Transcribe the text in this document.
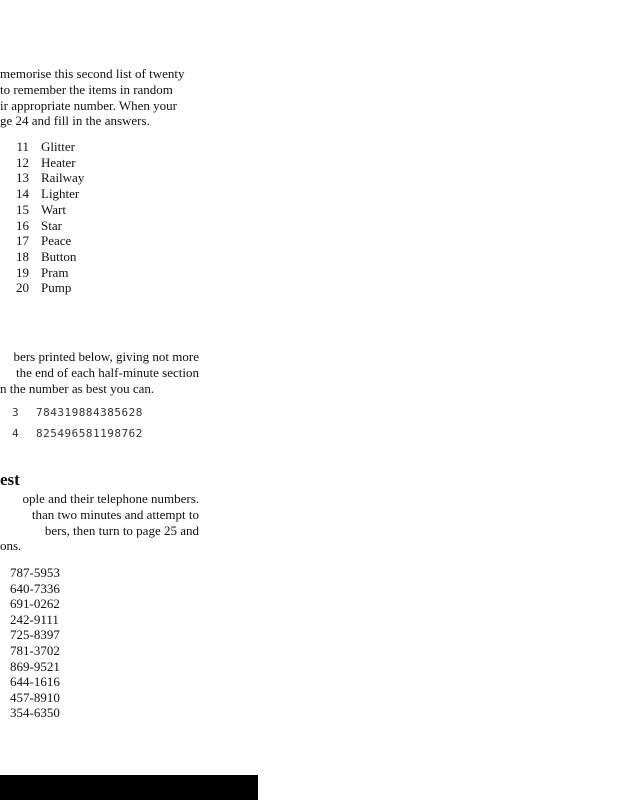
memorise this second list of twenty
to remember the items in random
ir appropriate number. When your
ge 24 and fill in the answers.
11 Glitter
12 Heater
13 Railway
14 Lighter
15 Wart
16 Star
17 Peace
18 Button
19 Pram
20 Pump
bers printed below, giving not more
the end of each half-minute section
n the number as best you can.
3 784319884385628
4 825496581198762
est
ople and their telephone numbers.
than two minutes and attempt to
bers, then turn to page 25 and
ons.
787-5953
640-7336
691-0262
242-9111
725-8397
781-3702
869-9521
644-1616
457-8910
354-6350
